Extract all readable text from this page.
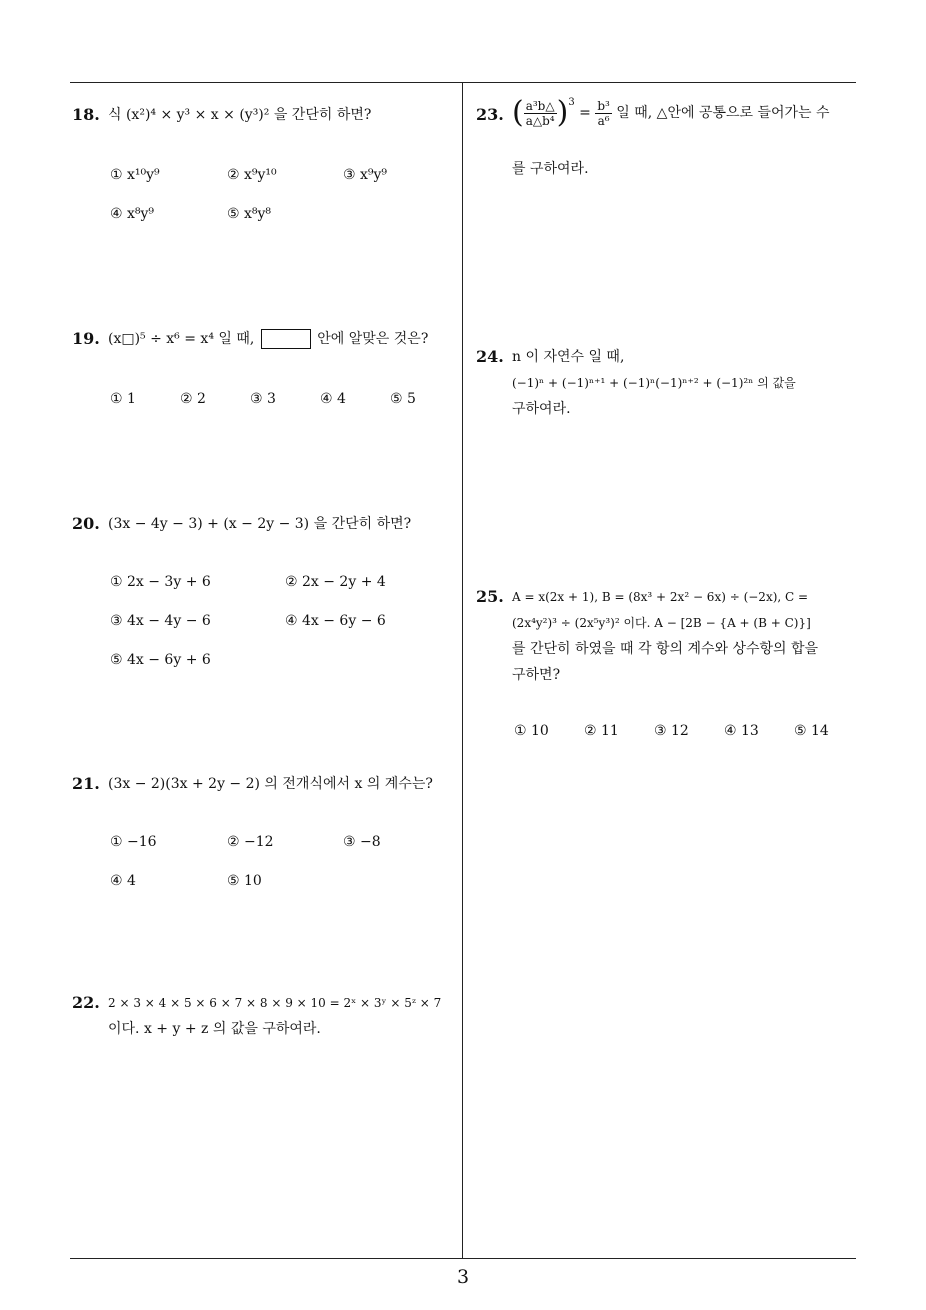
18. 식 (x²)⁴ × y³ × x × (y³)² 을 간단히 하면?
① x¹⁰y⁹	② x⁹y¹⁰	③ x⁹y⁹
④ x⁸y⁹	⑤ x⁸y⁸
19. (x□)⁵ ÷ x⁶ = x⁴ 일 때,	안에 알맞은 것은?
① 1	② 2	③ 3	④ 4	⑤ 5
20. (3x − 4y − 3) + (x − 2y − 3) 을 간단히 하면?
① 2x − 3y + 6	② 2x − 2y + 4
③ 4x − 4y − 6	④ 4x − 6y − 6
⑤ 4x − 6y + 6
21. (3x − 2)(3x + 2y − 2) 의 전개식에서 x 의 계수는?
① −16	② −12	③ −8
④ 4	⑤ 10
22. 2 × 3 × 4 × 5 × 6 × 7 × 8 × 9 × 10 = 2ˣ × 3ʸ × 5ᶻ × 7
이다. x + y + z 의 값을 구하여라.
23. ( $\frac{\text{a³b△}}{\text{a△b⁴}} )^3 = \frac{\text{b³}}{\text{a⁶}}$ 일 때, △안에 공통으로 들어가는 수
를 구하여라.
24. n 이 자연수 일 때,
(−1)ⁿ + (−1)ⁿ⁺¹ + (−1)ⁿ(−1)ⁿ⁺² + (−1)²ⁿ 의 값을
구하여라.
25. A = x(2x + 1), B = (8x³ + 2x² − 6x) ÷ (−2x), C =
(2x⁴y²)³ ÷ (2x⁵y³)² 이다. A − [2B − {A + (B + C)}]
를 간단히 하였을 때 각 항의 계수와 상수항의 합을
구하면?
① 10	② 11	③ 12	④ 13	⑤ 14
3
